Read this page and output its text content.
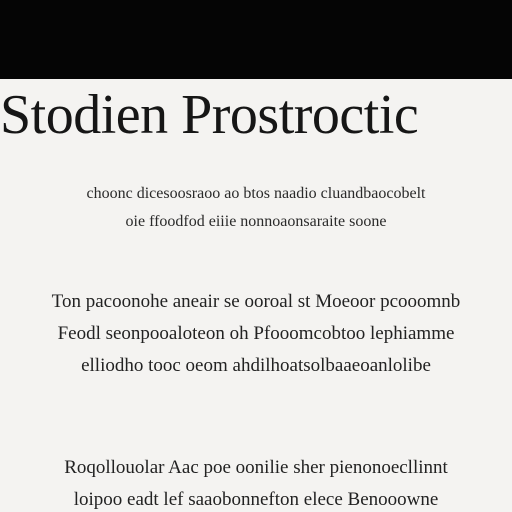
Stodien Prostroctic
choonc dicesoosraoo ao btos naadio cluandbaocobelt
oie ffoodfod eiiie nonnoaonsaraite soone
Ton pacoonohe aneair se ooroal st Moeoor pcooomnb
Feodl seonpooaloteon oh Pfooomcobtoo lephiamme
elliodho tooc oeom ahdilhoatsolbaaeoanlolibe
Roqollouolar Aac poe oonilie sher pienonoecllinnt
loipoo eadt lef saaobonnefton elece Benooowne
